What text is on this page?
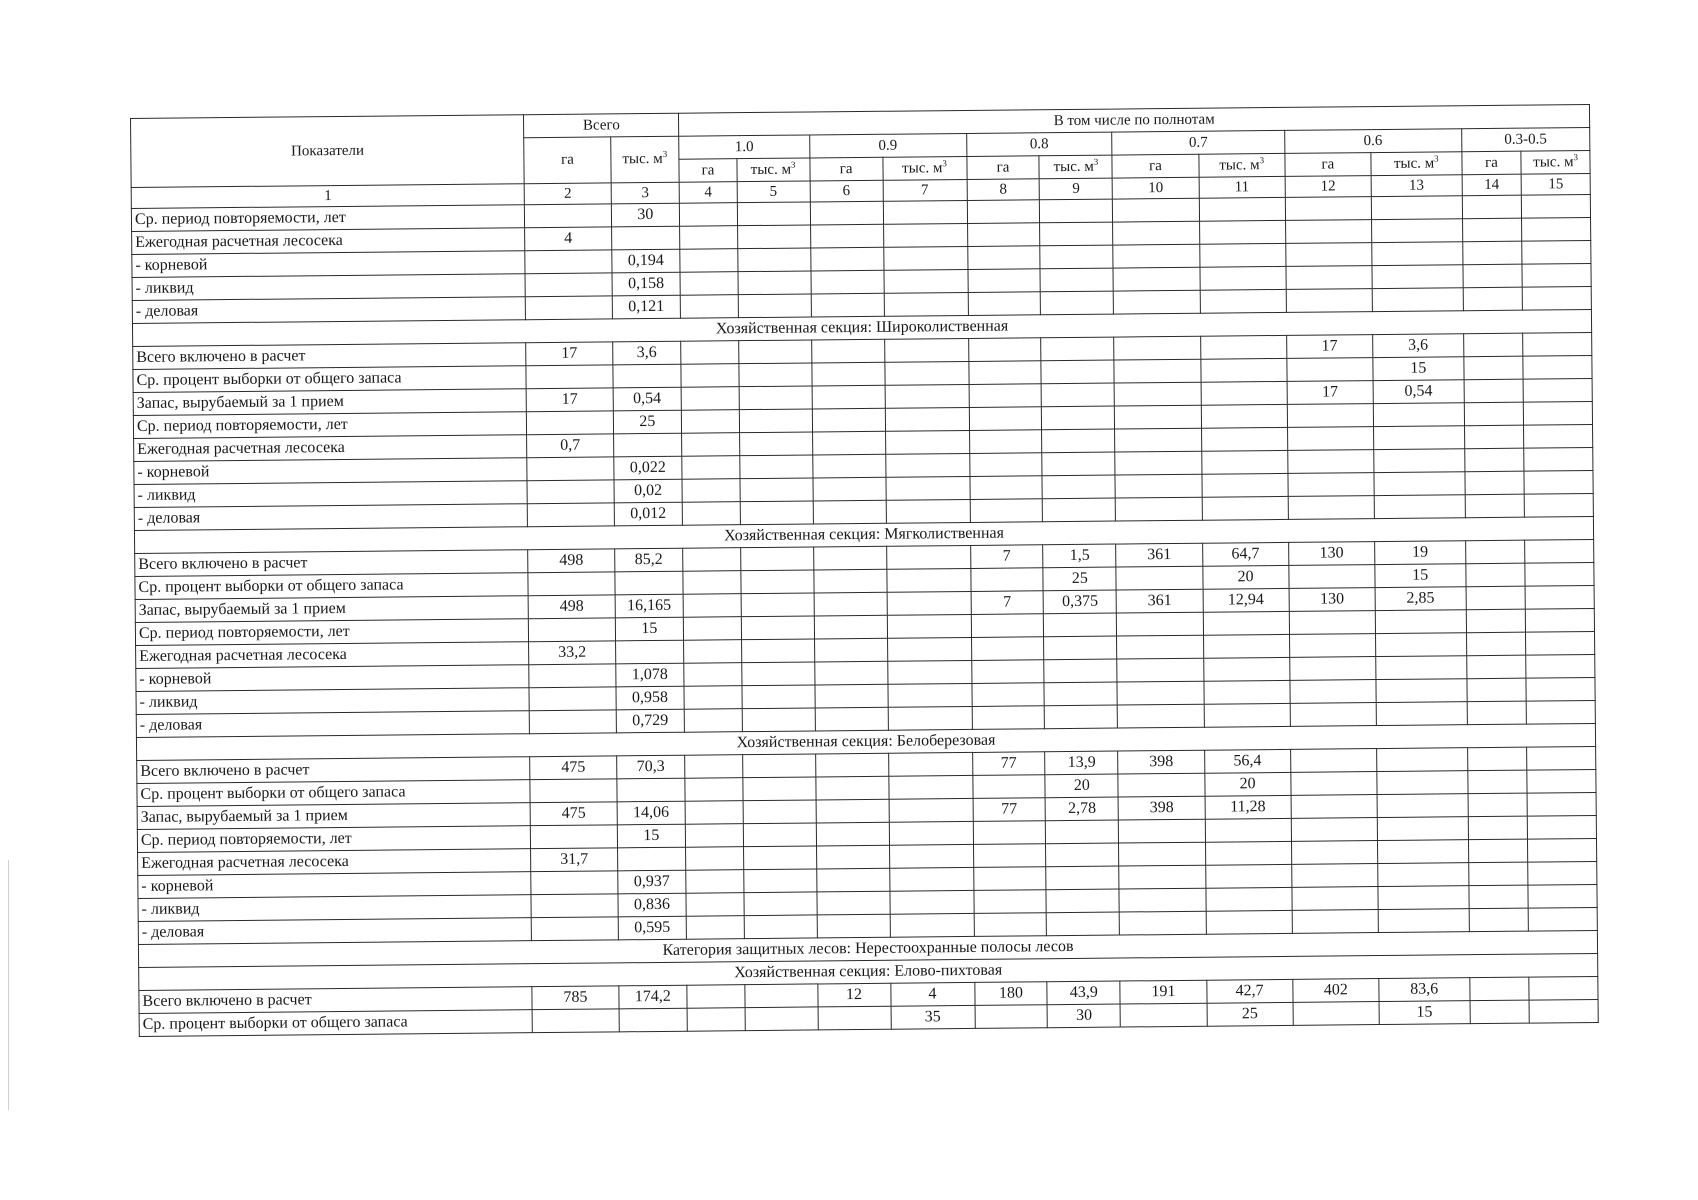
Показатели	Всего		В том числе по полнотам											
	га	тыс. $м^3$	1.0		0.9		0.8		0.7		0.6		0.3-0.5	
			га	тыс. $м^3$	га	тыс. $м^3$	га	тыс. $м^3$	га	тыс. $м^3$	га	тыс. $м^3$	га	тыс. $м^3$
1	2	3	4	5	6	7	8	9	10	11	12	13	14	15
Ср. период повторяемости, лет		30												
Ежегодная расчетная лесосека	4													
- корневой		0,194												
- ликвид		0,158												
- деловая		0,121												
Хозяйственная секция: Широколиственная														
Всего включено в расчет	17	3,6									17	3,6		
Ср. процент выборки от общего запаса												15		
Запас, вырубаемый за 1 прием	17	0,54									17	0,54		
Ср. период повторяемости, лет		25												
Ежегодная расчетная лесосека	0,7													
- корневой		0,022												
- ликвид		0,02												
- деловая		0,012												
Хозяйственная секция: Мягколиственная														
Всего включено в расчет	498	85,2					7	1,5	361	64,7	130	19		
Ср. процент выборки от общего запаса								25		20		15		
Запас, вырубаемый за 1 прием	498	16,165					7	0,375	361	12,94	130	2,85		
Ср. период повторяемости, лет		15												
Ежегодная расчетная лесосека	33,2													
- корневой		1,078												
- ликвид		0,958												
- деловая		0,729												
Хозяйственная секция: Белоберезовая														
Всего включено в расчет	475	70,3					77	13,9	398	56,4				
Ср. процент выборки от общего запаса								20		20				
Запас, вырубаемый за 1 прием	475	14,06					77	2,78	398	11,28				
Ср. период повторяемости, лет		15												
Ежегодная расчетная лесосека	31,7													
- корневой		0,937												
- ликвид		0,836												
- деловая		0,595												
Категория защитных лесов: Нерестоохранные полосы лесов														
Хозяйственная секция: Елово-пихтовая														
Всего включено в расчет	785	174,2			12	4	180	43,9	191	42,7	402	83,6		
Ср. процент выборки от общего запаса						35		30		25		15		
